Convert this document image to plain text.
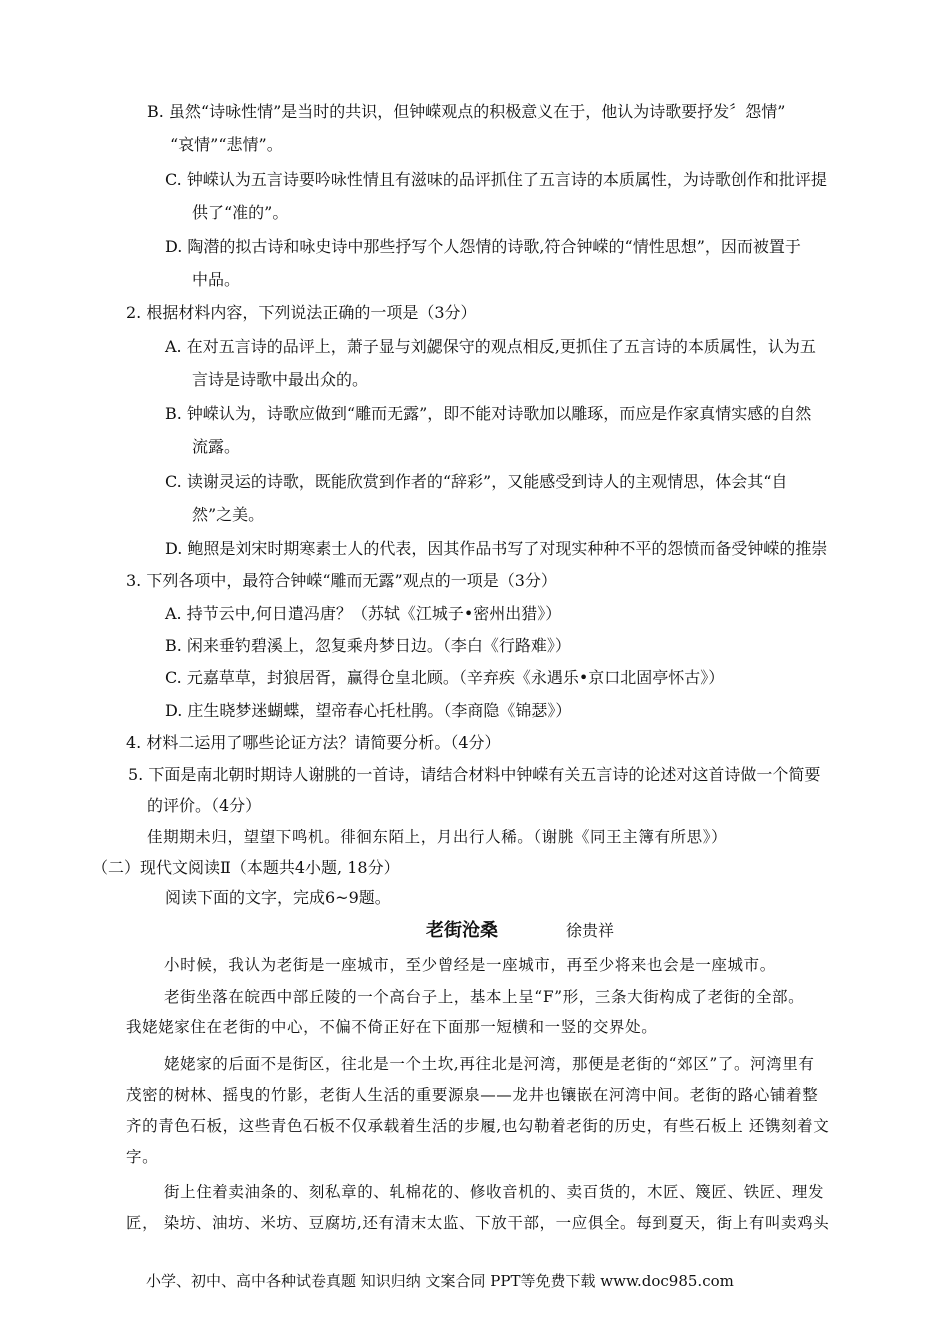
B. 虽然“诗咏性情”是当时的共识，但钟嵘观点的积极意义在于，他认为诗歌要抒发〞怨情”
“哀情”“悲情”。
C. 钟嵘认为五言诗要吟咏性情且有滋味的品评抓住了五言诗的本质属性，为诗歌创作和批评提
供了“准的”。
D. 陶潜的拟古诗和咏史诗中那些抒写个人怨情的诗歌,符合钟嵘的“情性思想”，因而被置于
中品。
2. 根据材料内容，下列说法正确的一项是（3分）
A. 在对五言诗的品评上，萧子显与刘勰保守的观点相反,更抓住了五言诗的本质属性，认为五
言诗是诗歌中最出众的。
B. 钟嵘认为，诗歌应做到“雕而无露”，即不能对诗歌加以雕琢，而应是作家真情实感的自然
流露。
C. 读谢灵运的诗歌，既能欣赏到作者的“辞彩”，又能感受到诗人的主观情思，体会其“自
然”之美。
D. 鲍照是刘宋时期寒素士人的代表，因其作品书写了对现实种种不平的怨愤而备受钟嵘的推崇
3. 下列各项中，最符合钟嵘“雕而无露”观点的一项是（3分）
A. 持节云中,何日遣冯唐？（苏轼《江城子•密州出猎》）
B. 闲来垂钓碧溪上，忽复乘舟梦日边。（李白《行路难》）
C. 元嘉草草，封狼居胥，赢得仓皇北顾。（辛弃疾《永遇乐•京口北固亭怀古》）
D. 庄生晓梦迷蝴蝶，望帝春心托杜鹃。（李商隐《锦瑟》）
4. 材料二运用了哪些论证方法？请简要分析。（4分）
5. 下面是南北朝时期诗人谢朓的一首诗，请结合材料中钟嵘有关五言诗的论述对这首诗做一个简要
的评价。（4分）
佳期期未归，望望下鸣机。徘徊东陌上，月出行人稀。（谢朓《同王主簿有所思》）
（二）现代文阅读Ⅱ（本题共4小题, 18分）
阅读下面的文字，完成6~9题。
老街沧桑	徐贵祥
小时候，我认为老街是一座城市，至少曾经是一座城市，再至少将来也会是一座城市。
老街坐落在皖西中部丘陵的一个高台子上，基本上呈“F”形，三条大街构成了老街的全部。
我姥姥家住在老街的中心，不偏不倚正好在下面那一短横和一竖的交界处。
姥姥家的后面不是街区，往北是一个土坎,再往北是河湾，那便是老街的“郊区”了。河湾里有
茂密的树林、摇曳的竹影，老街人生活的重要源泉——龙井也镶嵌在河湾中间。老街的路心铺着整
齐的青色石板，这些青色石板不仅承载着生活的步履,也勾勒着老街的历史，有些石板上 还镌刻着文
字。
街上住着卖油条的、刻私章的、轧棉花的、修收音机的、卖百货的，木匠、篾匠、铁匠、理发
匠， 染坊、油坊、米坊、豆腐坊,还有清末太监、下放干部，一应俱全。每到夏天，街上有叫卖鸡头
小学、初中、高中各种试卷真题 知识归纳 文案合同 PPT等免费下载 www.doc985.com
